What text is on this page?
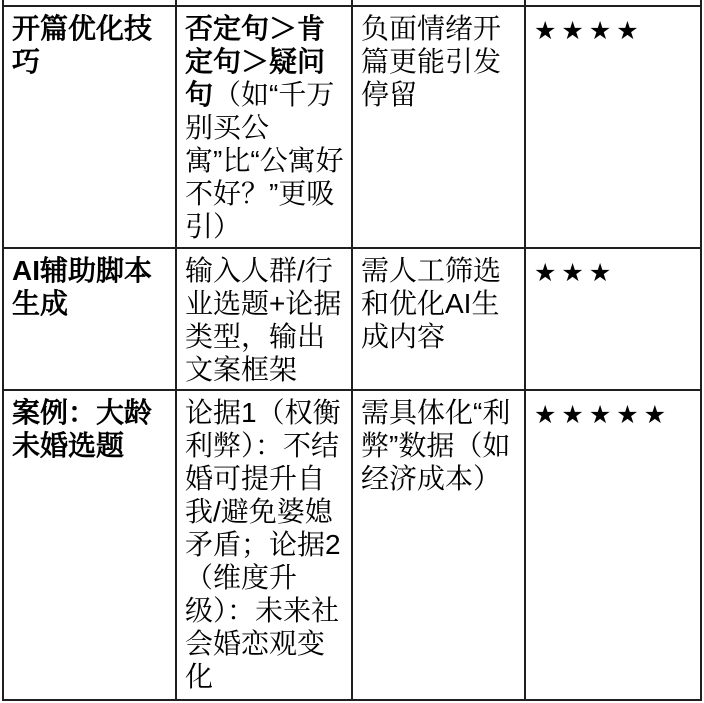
开篇优化技巧
否定句＞肯定句＞疑问句（如“千万别买公寓”比“公寓好不好？”更吸引）
负面情绪开篇更能引发停留
★★★★
AI辅助脚本生成
输入人群/行业选题+论据类型，输出文案框架
需人工筛选和优化AI生成内容
★★★
案例：大龄未婚选题
论据1（权衡利弊）：不结婚可提升自我/避免婆媳矛盾；论据2（维度升级）：未来社会婚恋观变化
需具体化“利弊”数据（如经济成本）
★★★★★
